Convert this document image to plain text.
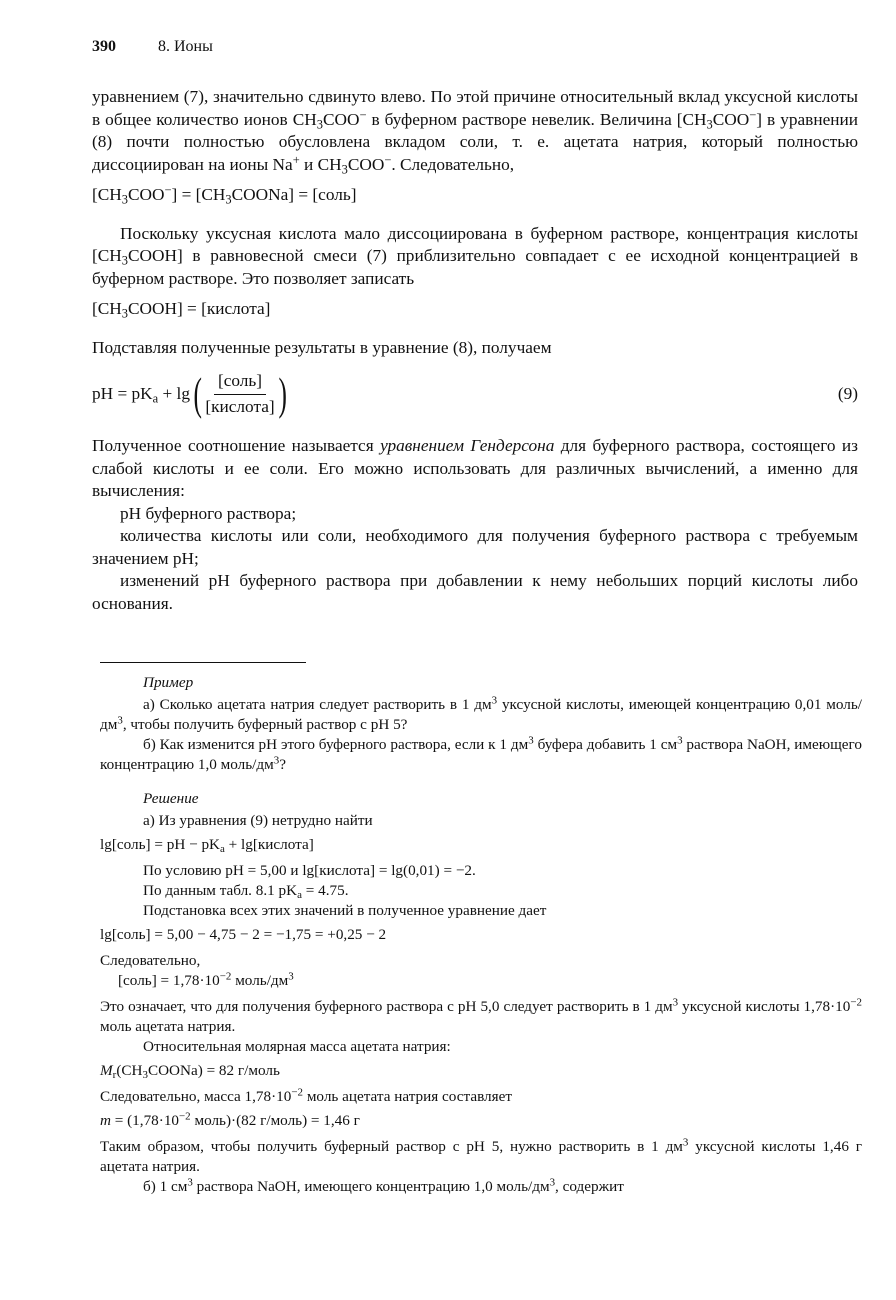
390	8. Ионы

уравнением (7), значительно сдвинуто влево. По этой причине относительный вклад уксусной кислоты в общее количество ионов $CH_3COO^-$ в буферном растворе невелик. Величина $[CH_3COO^-]$ в уравнении (8) почти полностью обусловлена вкладом соли, т. е. ацетата натрия, который полностью диссоциирован на ионы Na+ и $CH_3COO^-$. Следовательно,

$[CH_3COO^-]$ = $[CH_3COONa]$ = [соль]

Поскольку уксусная кислота мало диссоциирована в буферном растворе, концентрация кислоты $[CH_3COOH]$ в равновесной смеси (7) приблизительно совпадает с ее исходной концентрацией в буферном растворе. Это позволяет записать

$[CH_3COOH]$ = [кислота]

Подставляя полученные результаты в уравнение (8), получаем

pH = $pK_a + \lg$ ( $\frac{\text{[соль]}}{\text{[кислота]}}$ )	(9)

Полученное соотношение называется уравнением Гендерсона для буферного раствора, состоящего из слабой кислоты и ее соли. Его можно использовать для различных вычислений, а именно для вычисления:

pH буферного раствора;

количества кислоты или соли, необходимого для получения буферного раствора с требуемым значением pH;

изменений pH буферного раствора при добавлении к нему небольших порций кислоты либо основания.

Пример

а) Сколько ацетата натрия следует растворить в 1 $дм^3$ уксусной кислоты, имеющей концентрацию 0,01 моль/$дм^3$, чтобы получить буферный раствор с pH 5?

б) Как изменится pH этого буферного раствора, если к 1 $дм^3$ буфера добавить 1 $см^3$ раствора NaOH, имеющего концентрацию 1,0 моль/$дм^3$?

Решение

а) Из уравнения (9) нетрудно найти

lg[соль] = pH − $pK_a$ + lg[кислота]

По условию pH = 5,00 и lg[кислота] = lg(0,01) = −2.

По данным табл. 8.1 $pK_a = 4.75$.

Подстановка всех этих значений в полученное уравнение дает

lg[соль] = 5,00 − 4,75 − 2 = −1,75 = +0,25 − 2

Следовательно,

[соль] = $1,78\cdot 10^{-2}$ моль/$дм^3$

Это означает, что для получения буферного раствора с pH 5,0 следует растворить в 1 $дм^3$ уксусной кислоты $1,78\cdot 10^{-2}$ моль ацетата натрия.

Относительная молярная масса ацетата натрия:

$M_r(CH_3COONa) = 82$ г/моль

Следовательно, масса $1,78\cdot 10^{-2}$ моль ацетата натрия составляет

$m = (1,78\cdot 10^{-2}$ моль)·(82 г/моль) = 1,46 г

Таким образом, чтобы получить буферный раствор с pH 5, нужно растворить в 1 $дм^3$ уксусной кислоты 1,46 г ацетата натрия.

б) 1 $см^3$ раствора NaOH, имеющего концентрацию 1,0 моль/$дм^3$, содержит
